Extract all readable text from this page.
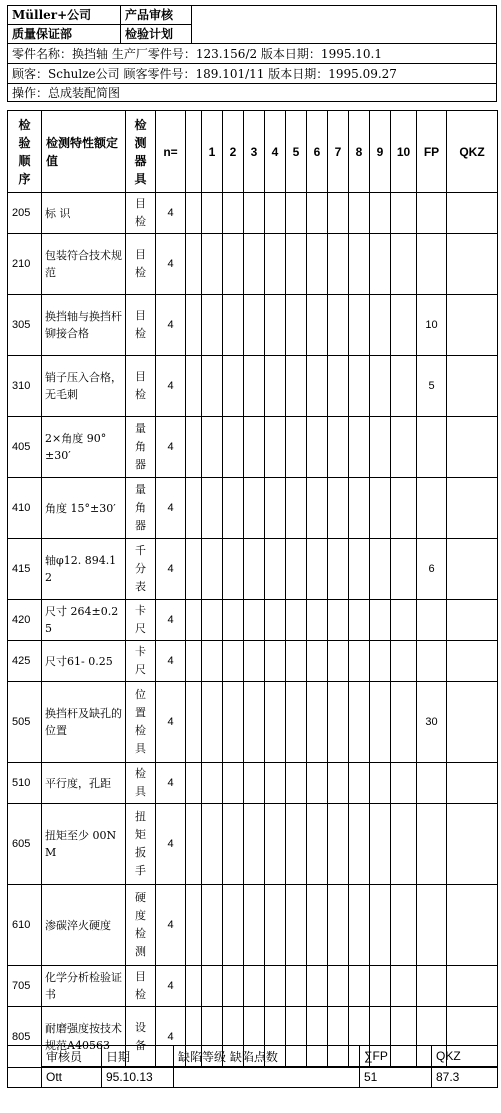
Müller+公司	产品审核	
质量保证部	检验计划	
零件名称：换挡轴 生产厂零件号：123.156/2 版本日期：1995.10.1		
顾客：Schulze公司 顾客零件号：189.101/11 版本日期：1995.09.27		
操作：总成装配简图		
检验顺序	检测特性额定值	检测器具	n=		1	2	3	4	5	6	7	8	9	10	FP	QKZ
205	标 识	目检	4													
210	包装符合技术规范	目检	4													
305	换挡轴与换挡杆铆接合格	目检	4												10	
310	销子压入合格，无毛刺	目检	4												5	
405	2×角度 90°±30′	量角器	4													
410	角度 15°±30′	量角器	4													
415	轴φ12. 894.12	千分表	4												6	
420	尺寸 264±0.25	卡尺	4													
425	尺寸61- 0.25	卡尺	4													
505	换挡杆及缺孔的位置	位置检具	4												30	
510	平行度，孔距	检具	4													
605	扭矩至少 00NM	扭矩扳手	4													
610	渗碳淬火硬度	硬度检测	4													
705	化学分析检验证书	目检	4													
805	耐磨强度按技术规范A40563	设备	4													
	审核员	日期	缺陷等级 缺陷点数	∑FP	QKZ
	Ott	95.10.13		51	87.3
